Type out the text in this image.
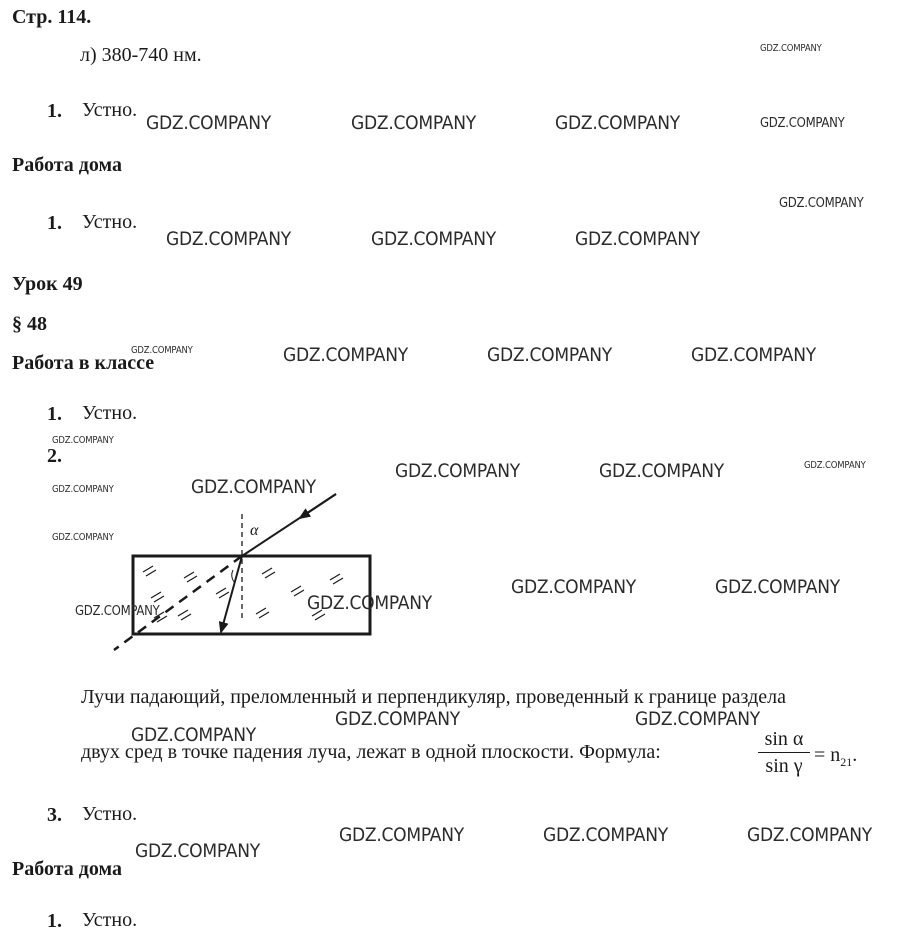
Стр. 114.
л) 380-740 нм.
1. Устно.
Работа дома
1. Устно.
Урок 49
§ 48
Работа в классе
1. Устно.
2.
α
Лучи падающий, преломленный и перпендикуляр, проведенный к границе раздела
двух сред в точке падения луча, лежат в одной плоскости. Формула:
sin α
$\sin \gamma = n_{21}$.
3. Устно.
Работа дома
1. Устно.
GDZ.COMPANY
GDZ.COMPANY	GDZ.COMPANY	GDZ.COMPANY	GDZ.COMPANY
GDZ.COMPANY
GDZ.COMPANY	GDZ.COMPANY	GDZ.COMPANY
GDZ.COMPANY	GDZ.COMPANY	GDZ.COMPANY	GDZ.COMPANY
GDZ.COMPANY
GDZ.COMPANY	GDZ.COMPANY	GDZ.COMPANY
GDZ.COMPANY
GDZ.COMPANY
GDZ.COMPANY
GDZ.COMPANY	GDZ.COMPANY
GDZ.COMPANY
GDZ.COMPANY
GDZ.COMPANY	GDZ.COMPANY
GDZ.COMPANY
GDZ.COMPANY	GDZ.COMPANY	GDZ.COMPANY
GDZ.COMPANY
